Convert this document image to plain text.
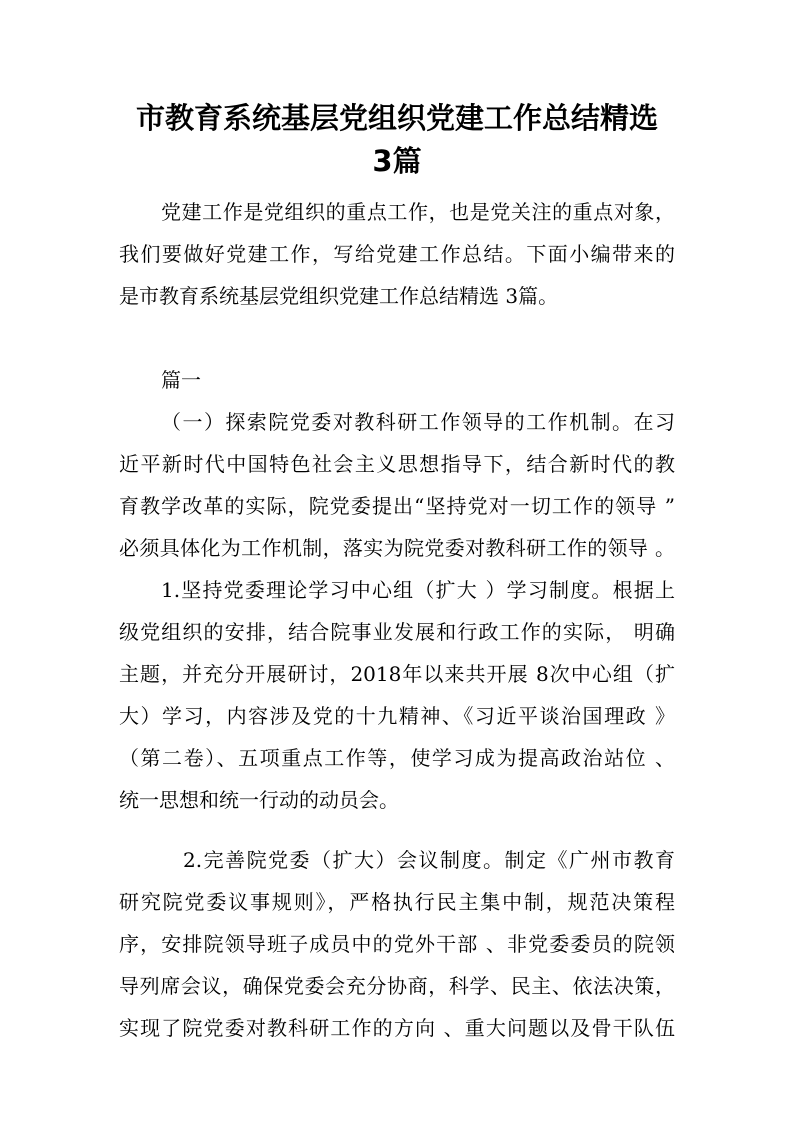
市教育系统基层党组织党建工作总结精选
3篇
党建工作是党组织的重点工作，也是党关注的重点对象，
我们要做好党建工作，写给党建工作总结。下面小编带来的
是市教育系统基层党组织党建工作总结精选 3篇。
篇一
（一）探索院党委对教科研工作领导的工作机制。在习
近平新时代中国特色社会主义思想指导下，结合新时代的教
育教学改革的实际，院党委提出“坚持党对一切工作的领导 ”
必须具体化为工作机制，落实为院党委对教科研工作的领导 。
1.坚持党委理论学习中心组（扩大 ）学习制度。根据上
级党组织的安排，结合院事业发展和行政工作的实际， 明确
主题，并充分开展研讨，2018年以来共开展 8次中心组（扩
大）学习，内容涉及党的十九精神、《习近平谈治国理政 》
（第二卷）、五项重点工作等，使学习成为提高政治站位 、
统一思想和统一行动的动员会。
2.完善院党委（扩大）会议制度。制定《广州市教育
研究院党委议事规则》，严格执行民主集中制，规范决策程
序，安排院领导班子成员中的党外干部 、非党委委员的院领
导列席会议，确保党委会充分协商，科学、民主、依法决策，
实现了院党委对教科研工作的方向 、重大问题以及骨干队伍
